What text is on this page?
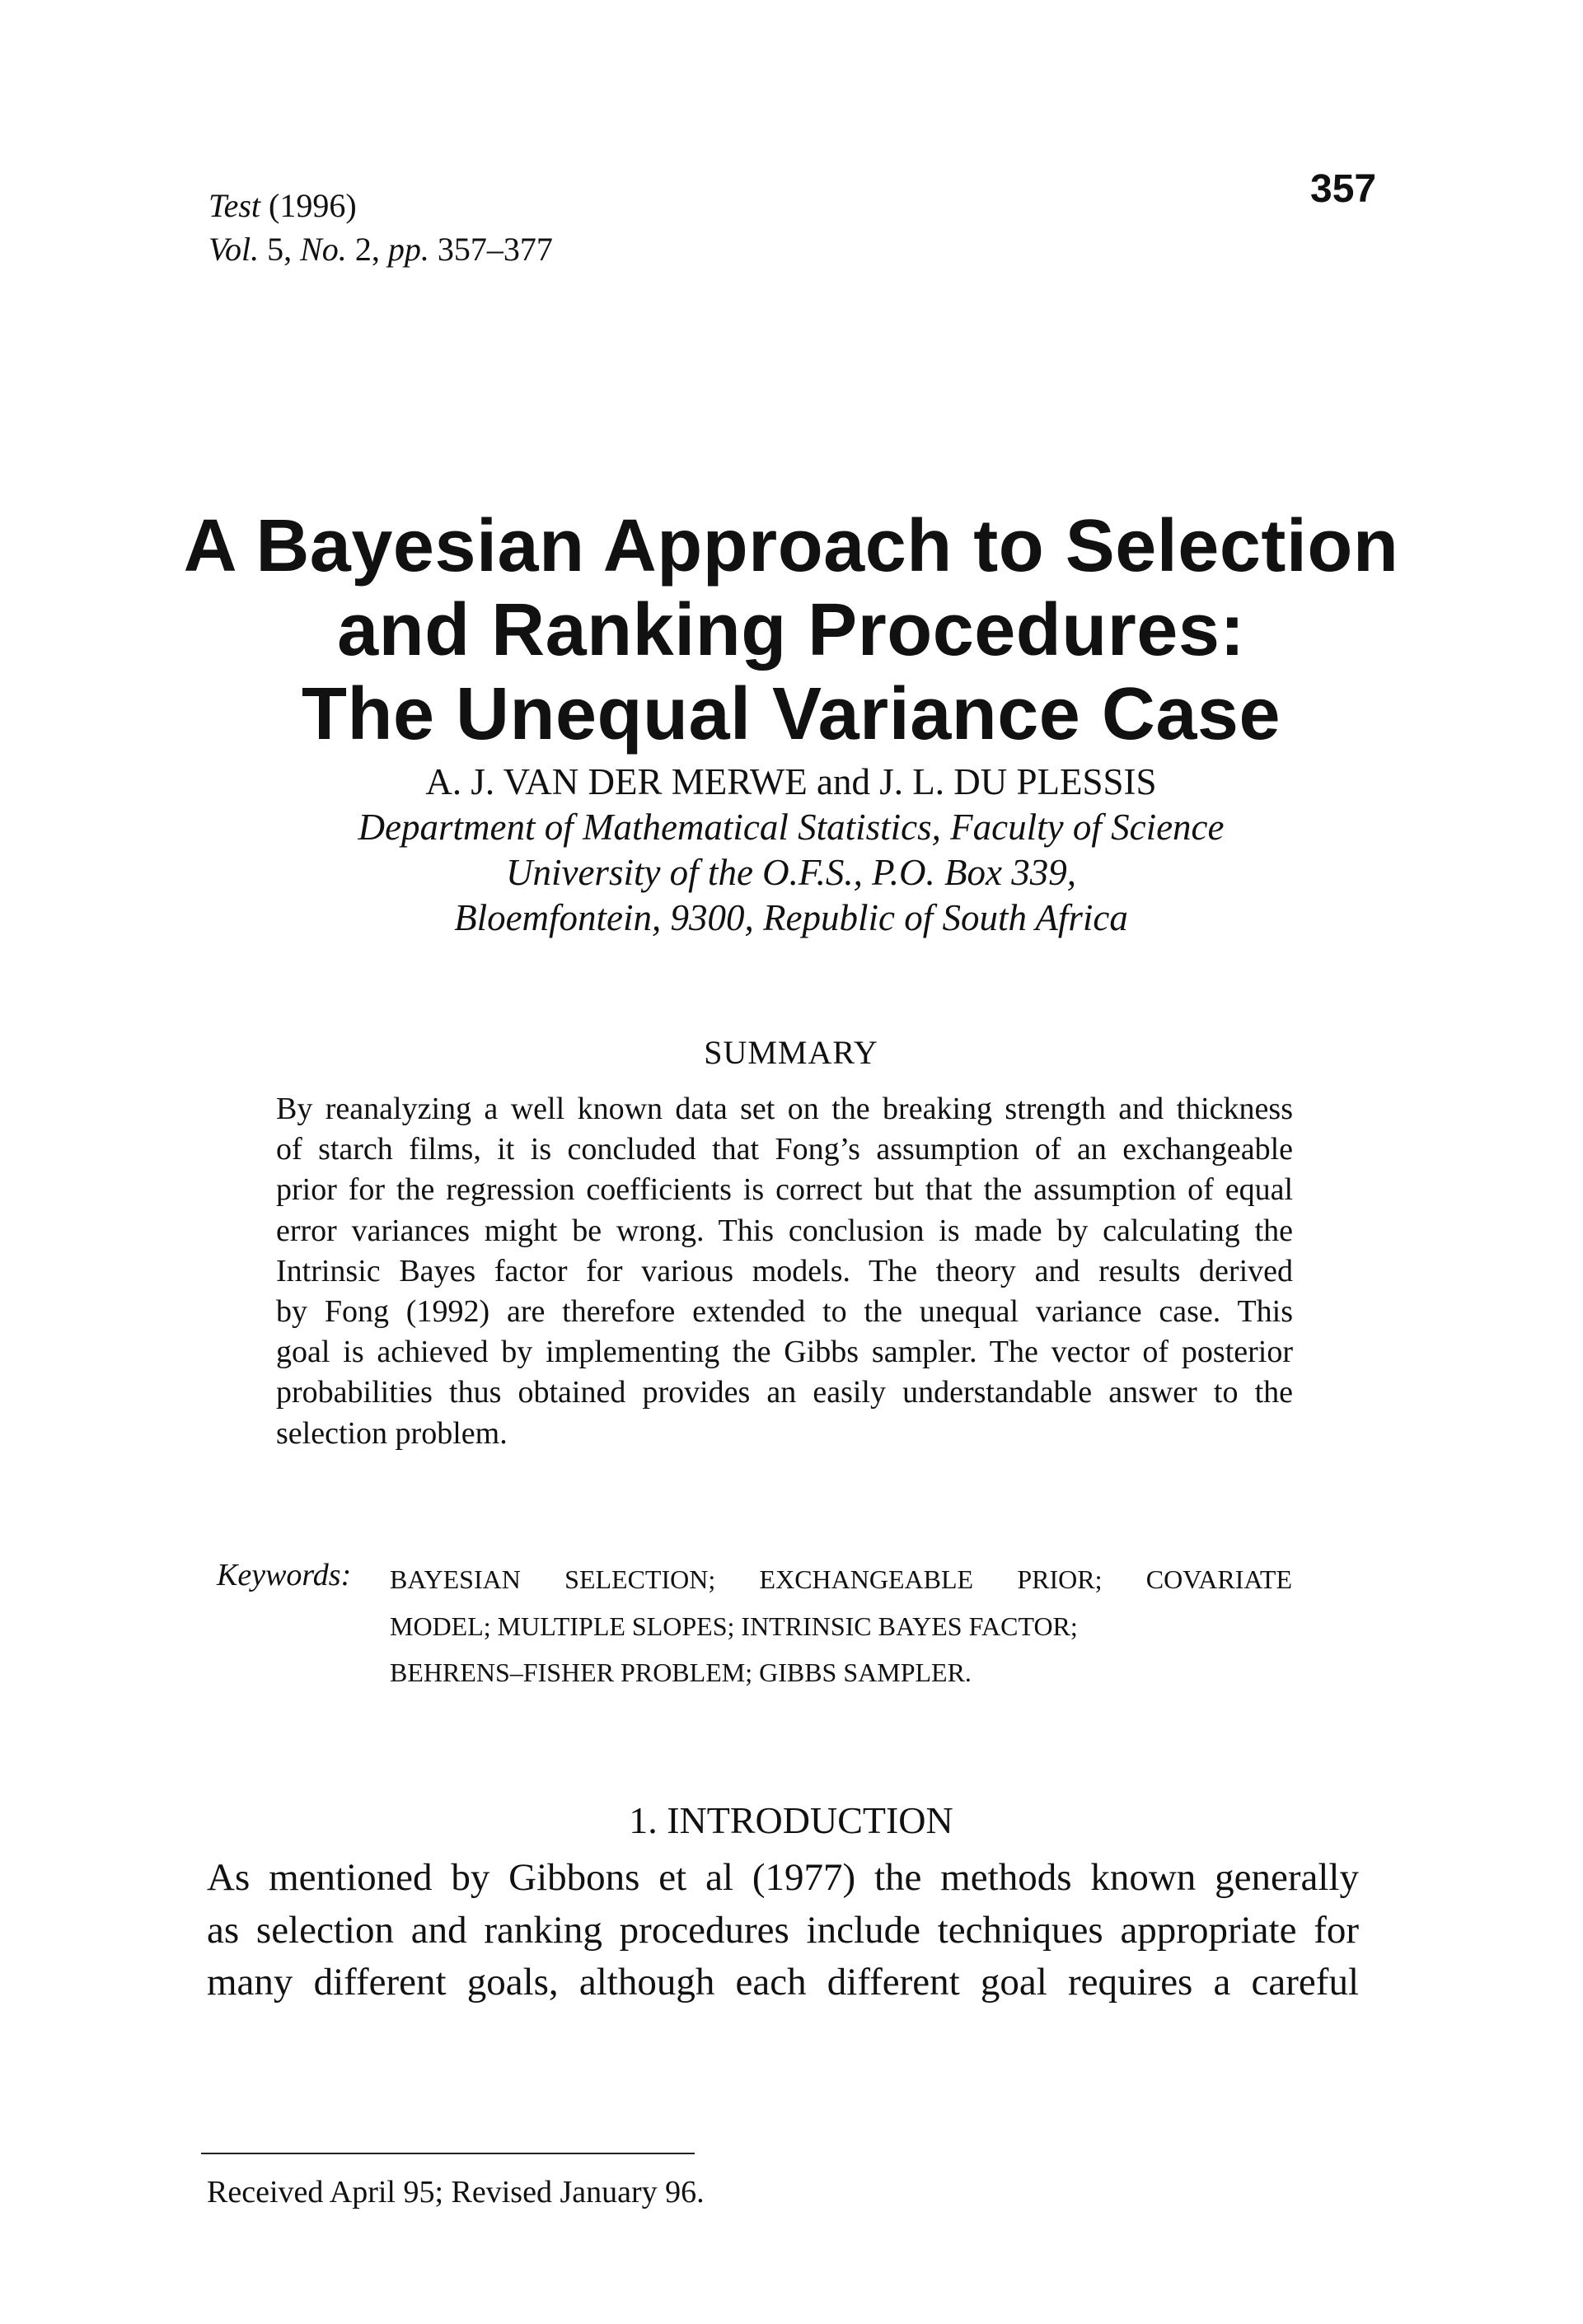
Test (1996)
Vol. 5, No. 2, pp. 357–377
357
A Bayesian Approach to Selection
and Ranking Procedures:
The Unequal Variance Case
A. J. VAN DER MERWE and J. L. DU PLESSIS
Department of Mathematical Statistics, Faculty of Science
University of the O.F.S., P.O. Box 339,
Bloemfontein, 9300, Republic of South Africa
SUMMARY
By reanalyzing a well known data set on the breaking strength and thickness
of starch films, it is concluded that Fong’s assumption of an exchangeable
prior for the regression coefficients is correct but that the assumption of equal
error variances might be wrong. This conclusion is made by calculating the
Intrinsic Bayes factor for various models. The theory and results derived
by Fong (1992) are therefore extended to the unequal variance case. This
goal is achieved by implementing the Gibbs sampler. The vector of posterior
probabilities thus obtained provides an easily understandable answer to the
selection problem.
Keywords: BAYESIAN SELECTION; EXCHANGEABLE PRIOR; COVARIATE
MODEL; MULTIPLE SLOPES; INTRINSIC BAYES FACTOR;
BEHRENS–FISHER PROBLEM; GIBBS SAMPLER.
1. INTRODUCTION
As mentioned by Gibbons et al (1977) the methods known generally
as selection and ranking procedures include techniques appropriate for
many different goals, although each different goal requires a careful
Received April 95; Revised January 96.
